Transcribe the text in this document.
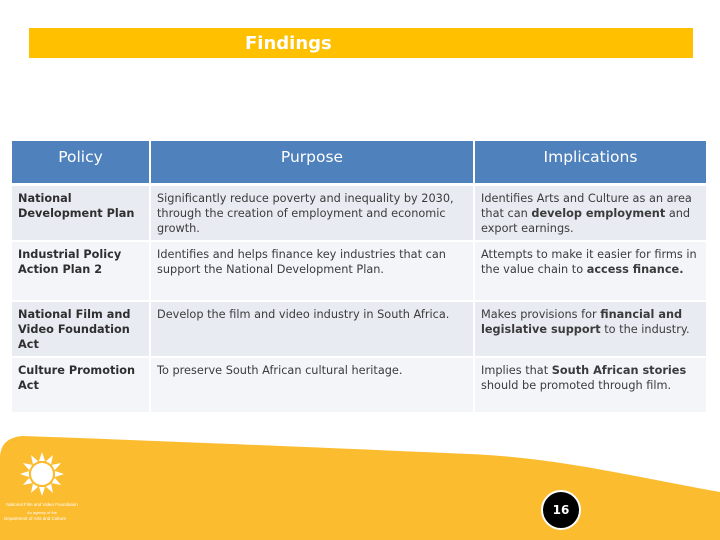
Findings
Policy	Purpose	Implications
National Development Plan	Significantly reduce poverty and inequality by 2030, through the creation of employment and economic growth.	Identifies Arts and Culture as an area that can develop employment and export earnings.
Industrial Policy Action Plan 2	Identifies and helps finance key industries that can support the National Development Plan.	Attempts to make it easier for firms in the value chain to access finance.
National Film and Video Foundation Act	Develop the film and video industry in South Africa.	Makes provisions for financial and legislative support to the industry.
Culture Promotion Act	To preserve South African cultural heritage.	Implies that South African stories should be promoted through film.
National Film and Video Foundation
An agency of the
Department of Arts and Culture
16
